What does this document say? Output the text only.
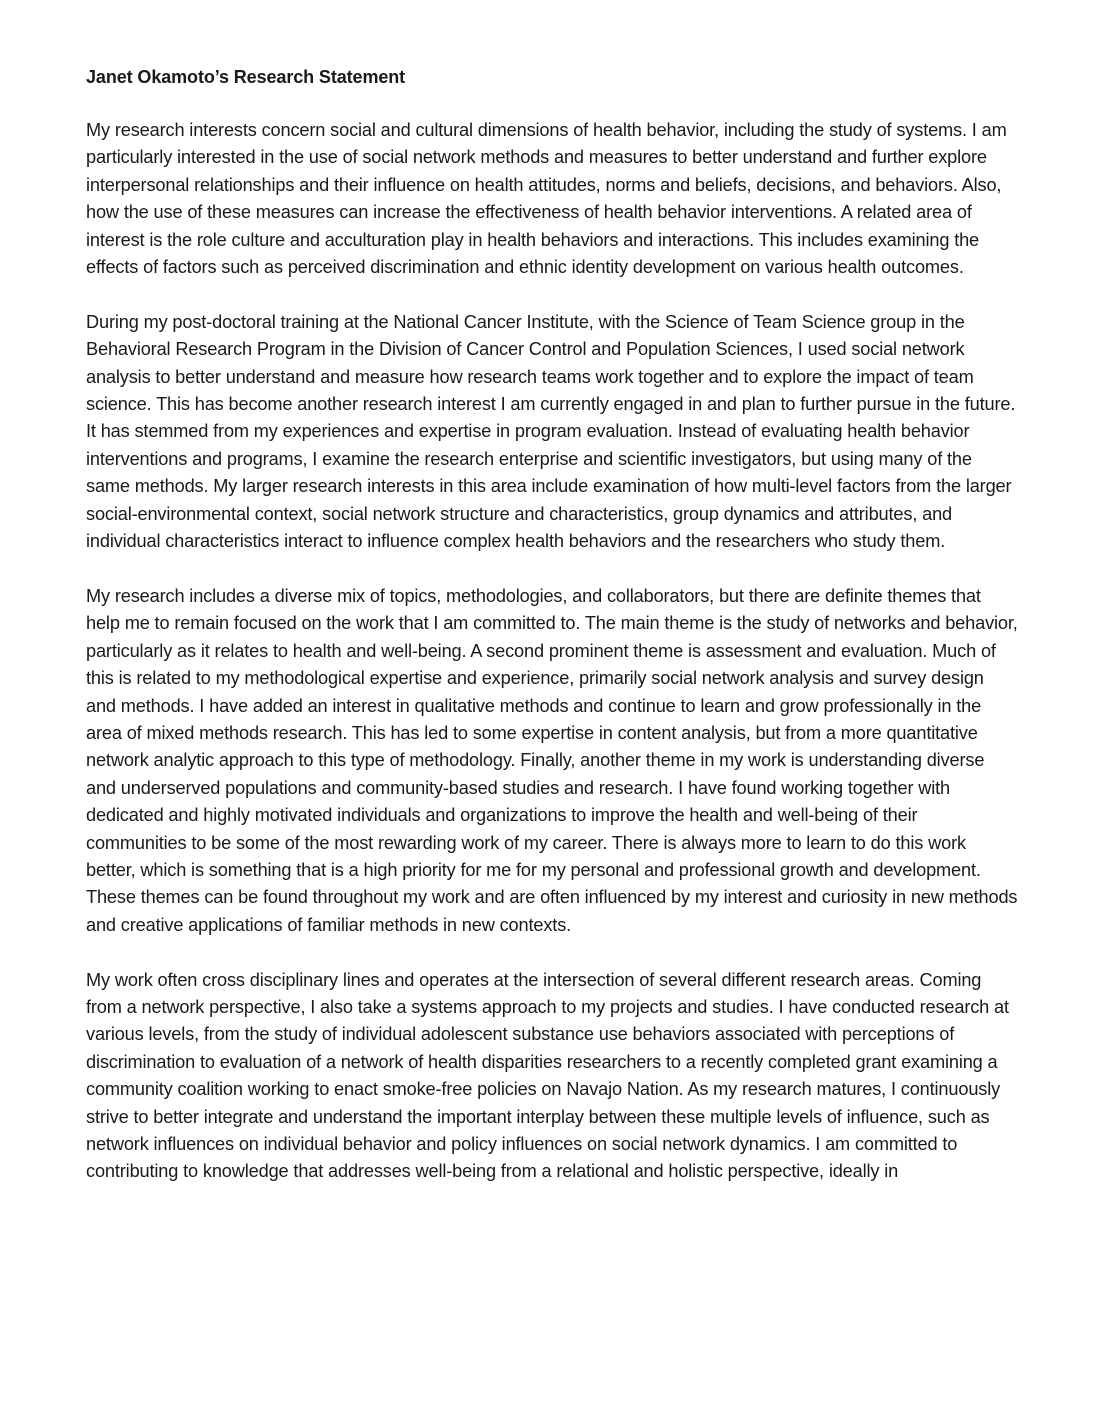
Janet Okamoto’s Research Statement

My research interests concern social and cultural dimensions of health behavior, including the study of systems. I am particularly interested in the use of social network methods and measures to better understand and further explore interpersonal relationships and their influence on health attitudes, norms and beliefs, decisions, and behaviors. Also, how the use of these measures can increase the effectiveness of health behavior interventions. A related area of interest is the role culture and acculturation play in health behaviors and interactions. This includes examining the effects of factors such as perceived discrimination and ethnic identity development on various health outcomes.

During my post-doctoral training at the National Cancer Institute, with the Science of Team Science group in the Behavioral Research Program in the Division of Cancer Control and Population Sciences, I used social network analysis to better understand and measure how research teams work together and to explore the impact of team science. This has become another research interest I am currently engaged in and plan to further pursue in the future. It has stemmed from my experiences and expertise in program evaluation. Instead of evaluating health behavior interventions and programs, I examine the research enterprise and scientific investigators, but using many of the same methods. My larger research interests in this area include examination of how multi-level factors from the larger social-environmental context, social network structure and characteristics, group dynamics and attributes, and individual characteristics interact to influence complex health behaviors and the researchers who study them.

My research includes a diverse mix of topics, methodologies, and collaborators, but there are definite themes that help me to remain focused on the work that I am committed to. The main theme is the study of networks and behavior, particularly as it relates to health and well-being. A second prominent theme is assessment and evaluation. Much of this is related to my methodological expertise and experience, primarily social network analysis and survey design and methods. I have added an interest in qualitative methods and continue to learn and grow professionally in the area of mixed methods research. This has led to some expertise in content analysis, but from a more quantitative network analytic approach to this type of methodology. Finally, another theme in my work is understanding diverse and underserved populations and community-based studies and research. I have found working together with dedicated and highly motivated individuals and organizations to improve the health and well-being of their communities to be some of the most rewarding work of my career. There is always more to learn to do this work better, which is something that is a high priority for me for my personal and professional growth and development. These themes can be found throughout my work and are often influenced by my interest and curiosity in new methods and creative applications of familiar methods in new contexts.

My work often cross disciplinary lines and operates at the intersection of several different research areas. Coming from a network perspective, I also take a systems approach to my projects and studies. I have conducted research at various levels, from the study of individual adolescent substance use behaviors associated with perceptions of discrimination to evaluation of a network of health disparities researchers to a recently completed grant examining a community coalition working to enact smoke-free policies on Navajo Nation. As my research matures, I continuously strive to better integrate and understand the important interplay between these multiple levels of influence, such as network influences on individual behavior and policy influences on social network dynamics. I am committed to contributing to knowledge that addresses well-being from a relational and holistic perspective, ideally in
